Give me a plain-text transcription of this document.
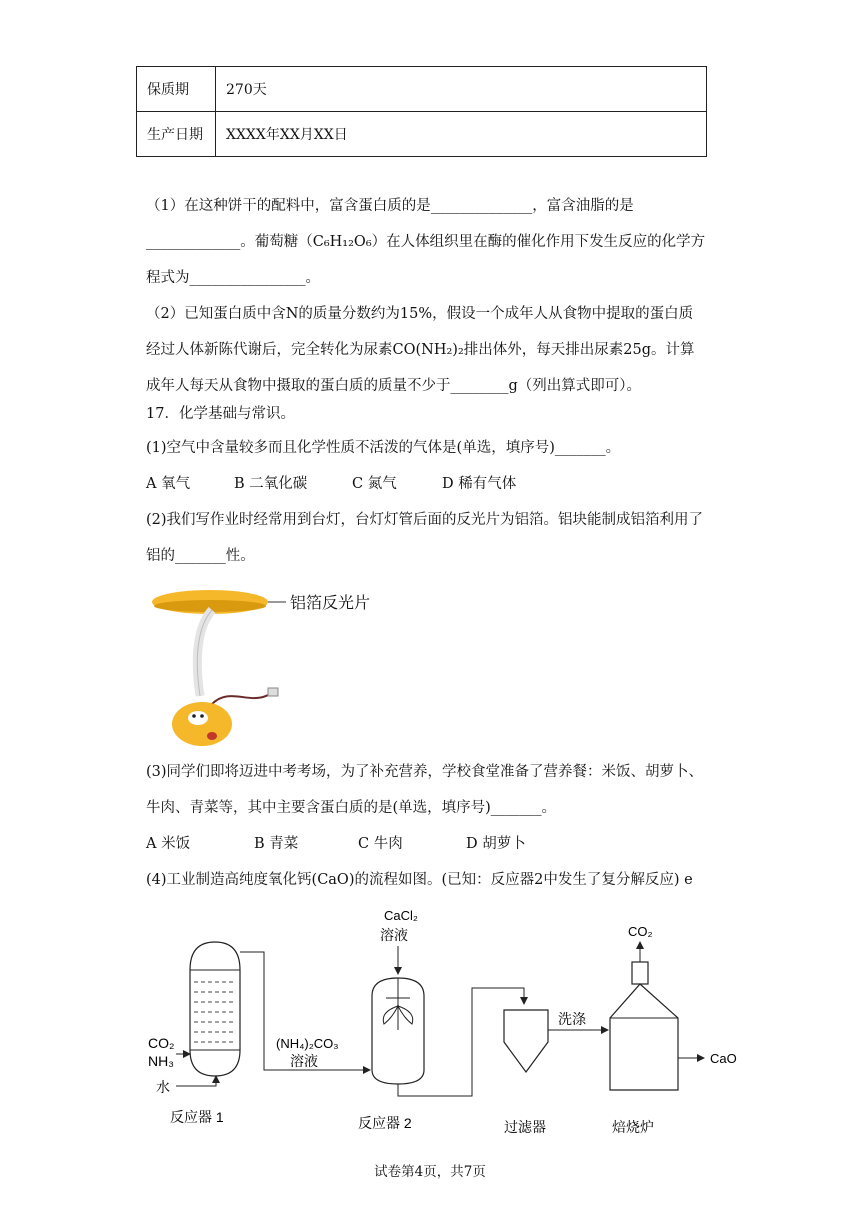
保质期	270天
生产日期	XXXX年XX月XX日
（1）在这种饼干的配料中，富含蛋白质的是______________，富含油脂的是
_____________。葡萄糖（C₆H₁₂O₆）在人体组织里在酶的催化作用下发生反应的化学方
程式为________________。
（2）已知蛋白质中含N的质量分数约为15%，假设一个成年人从食物中提取的蛋白质
经过人体新陈代谢后，完全转化为尿素CO(NH₂)₂排出体外，每天排出尿素25g。计算
成年人每天从食物中摄取的蛋白质的质量不少于________g（列出算式即可）。
17．化学基础与常识。
(1)空气中含量较多而且化学性质不活泼的气体是(单选，填序号)_______。
A 氧气	B 二氧化碳	C 氮气	D 稀有气体
(2)我们写作业时经常用到台灯，台灯灯管后面的反光片为铝箔。铝块能制成铝箔利用了
铝的_______性。
铝箔反光片
(3)同学们即将迈进中考考场，为了补充营养，学校食堂准备了营养餐：米饭、胡萝卜、
牛肉、青菜等，其中主要含蛋白质的是(单选，填序号)_______。
A 米饭	B 青菜	C 牛肉	D 胡萝卜
(4)工业制造高纯度氧化钙(CaO)的流程如图。(已知：反应器2中发生了复分解反应) e
CO₂
NH₃
水
反应器 1
(NH₄)₂CO₃
溶液
CaCl₂
溶液
反应器 2	过滤器
洗涤
CO₂
CaO
焙烧炉
试卷第4页，共7页
